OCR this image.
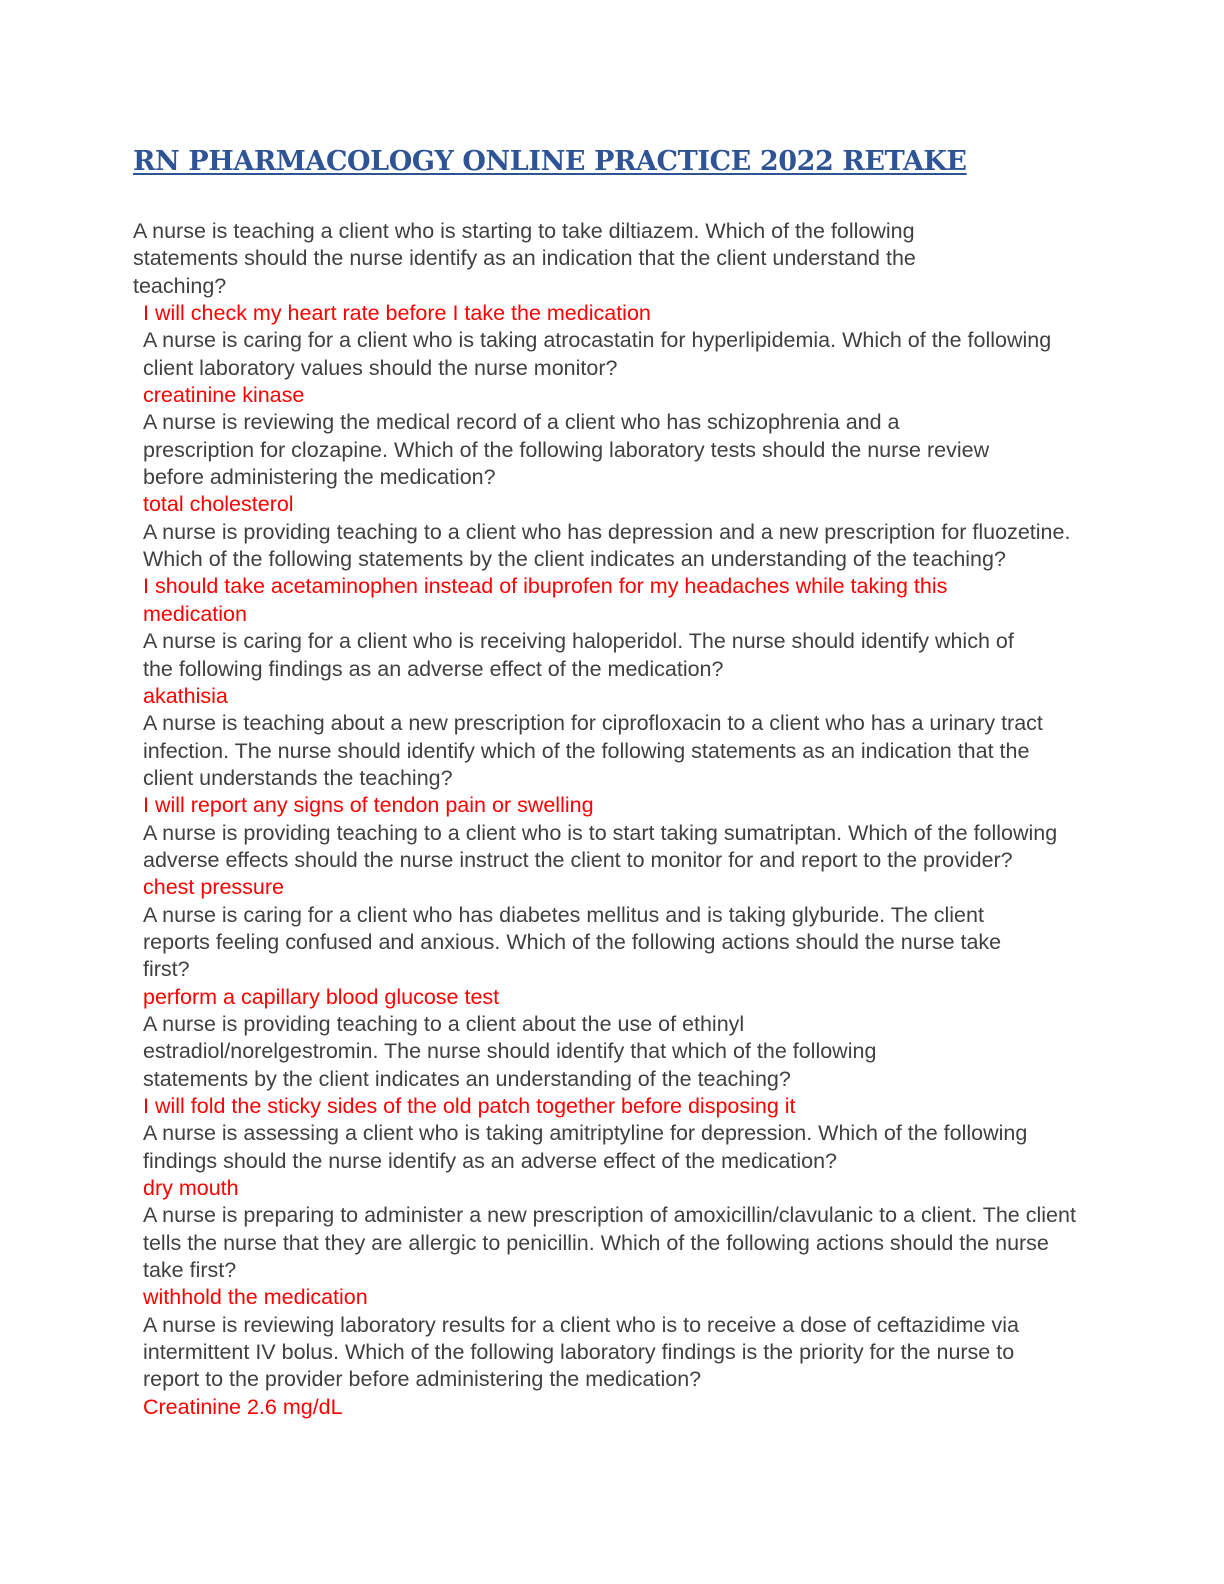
RN PHARMACOLOGY ONLINE PRACTICE 2022 RETAKE

A nurse is teaching a client who is starting to take diltiazem. Which of the following statements should the nurse identify as an indication that the client understand the teaching?

I will check my heart rate before I take the medication

A nurse is caring for a client who is taking atrocastatin for hyperlipidemia. Which of the following client laboratory values should the nurse monitor?

creatinine kinase

A nurse is reviewing the medical record of a client who has schizophrenia and a prescription for clozapine. Which of the following laboratory tests should the nurse review before administering the medication?

total cholesterol

A nurse is providing teaching to a client who has depression and a new prescription for fluozetine. Which of the following statements by the client indicates an understanding of the teaching?

I should take acetaminophen instead of ibuprofen for my headaches while taking this medication

A nurse is caring for a client who is receiving haloperidol. The nurse should identify which of the following findings as an adverse effect of the medication?

akathisia

A nurse is teaching about a new prescription for ciprofloxacin to a client who has a urinary tract infection. The nurse should identify which of the following statements as an indication that the client understands the teaching?

I will report any signs of tendon pain or swelling

A nurse is providing teaching to a client who is to start taking sumatriptan. Which of the following adverse effects should the nurse instruct the client to monitor for and report to the provider?

chest pressure

A nurse is caring for a client who has diabetes mellitus and is taking glyburide. The client reports feeling confused and anxious. Which of the following actions should the nurse take first?

perform a capillary blood glucose test

A nurse is providing teaching to a client about the use of ethinyl estradiol/norelgestromin. The nurse should identify that which of the following statements by the client indicates an understanding of the teaching?

I will fold the sticky sides of the old patch together before disposing it

A nurse is assessing a client who is taking amitriptyline for depression. Which of the following findings should the nurse identify as an adverse effect of the medication?

dry mouth

A nurse is preparing to administer a new prescription of amoxicillin/clavulanic to a client. The client tells the nurse that they are allergic to penicillin. Which of the following actions should the nurse take first?

withhold the medication

A nurse is reviewing laboratory results for a client who is to receive a dose of ceftazidime via intermittent IV bolus. Which of the following laboratory findings is the priority for the nurse to report to the provider before administering the medication?

Creatinine 2.6 mg/dL
